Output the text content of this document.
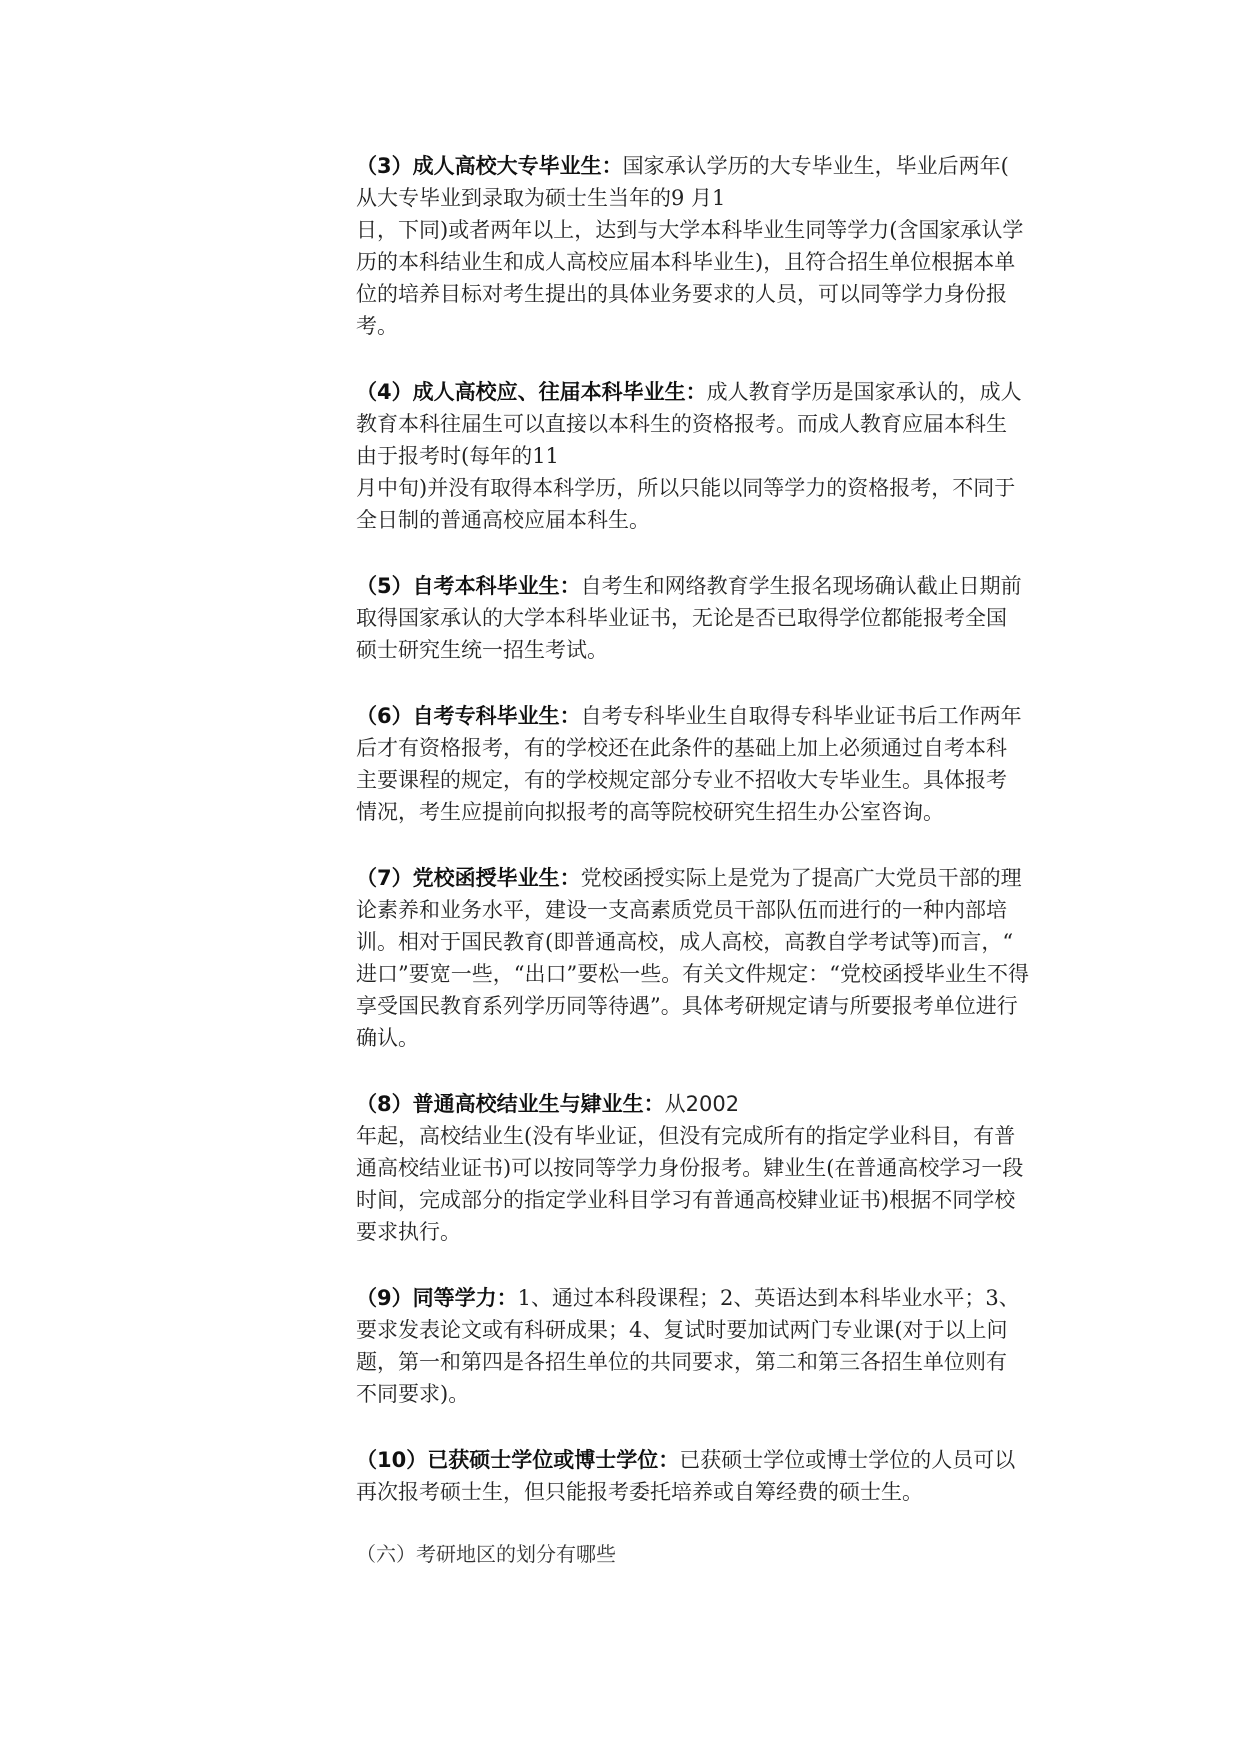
（3）成人高校大专毕业生：国家承认学历的大专毕业生，毕业后两年(
从大专毕业到录取为硕士生当年的9 月1
日，下同)或者两年以上，达到与大学本科毕业生同等学力(含国家承认学
历的本科结业生和成人高校应届本科毕业生)，且符合招生单位根据本单
位的培养目标对考生提出的具体业务要求的人员，可以同等学力身份报
考。
（4）成人高校应、往届本科毕业生：成人教育学历是国家承认的，成人
教育本科往届生可以直接以本科生的资格报考。而成人教育应届本科生
由于报考时(每年的11
月中旬)并没有取得本科学历，所以只能以同等学力的资格报考，不同于
全日制的普通高校应届本科生。
（5）自考本科毕业生：自考生和网络教育学生报名现场确认截止日期前
取得国家承认的大学本科毕业证书，无论是否已取得学位都能报考全国
硕士研究生统一招生考试。
（6）自考专科毕业生：自考专科毕业生自取得专科毕业证书后工作两年
后才有资格报考，有的学校还在此条件的基础上加上必须通过自考本科
主要课程的规定，有的学校规定部分专业不招收大专毕业生。具体报考
情况，考生应提前向拟报考的高等院校研究生招生办公室咨询。
（7）党校函授毕业生：党校函授实际上是党为了提高广大党员干部的理
论素养和业务水平，建设一支高素质党员干部队伍而进行的一种内部培
训。相对于国民教育(即普通高校，成人高校，高教自学考试等)而言，“
进口”要宽一些，“出口”要松一些。有关文件规定：“党校函授毕业生不得
享受国民教育系列学历同等待遇”。具体考研规定请与所要报考单位进行
确认。
（8）普通高校结业生与肄业生：从2002
年起，高校结业生(没有毕业证，但没有完成所有的指定学业科目，有普
通高校结业证书)可以按同等学力身份报考。肄业生(在普通高校学习一段
时间，完成部分的指定学业科目学习有普通高校肄业证书)根据不同学校
要求执行。
（9）同等学力：1、通过本科段课程；2、英语达到本科毕业水平；3、
要求发表论文或有科研成果；4、复试时要加试两门专业课(对于以上问
题，第一和第四是各招生单位的共同要求，第二和第三各招生单位则有
不同要求)。
（10）已获硕士学位或博士学位：已获硕士学位或博士学位的人员可以
再次报考硕士生，但只能报考委托培养或自筹经费的硕士生。
（六）考研地区的划分有哪些
